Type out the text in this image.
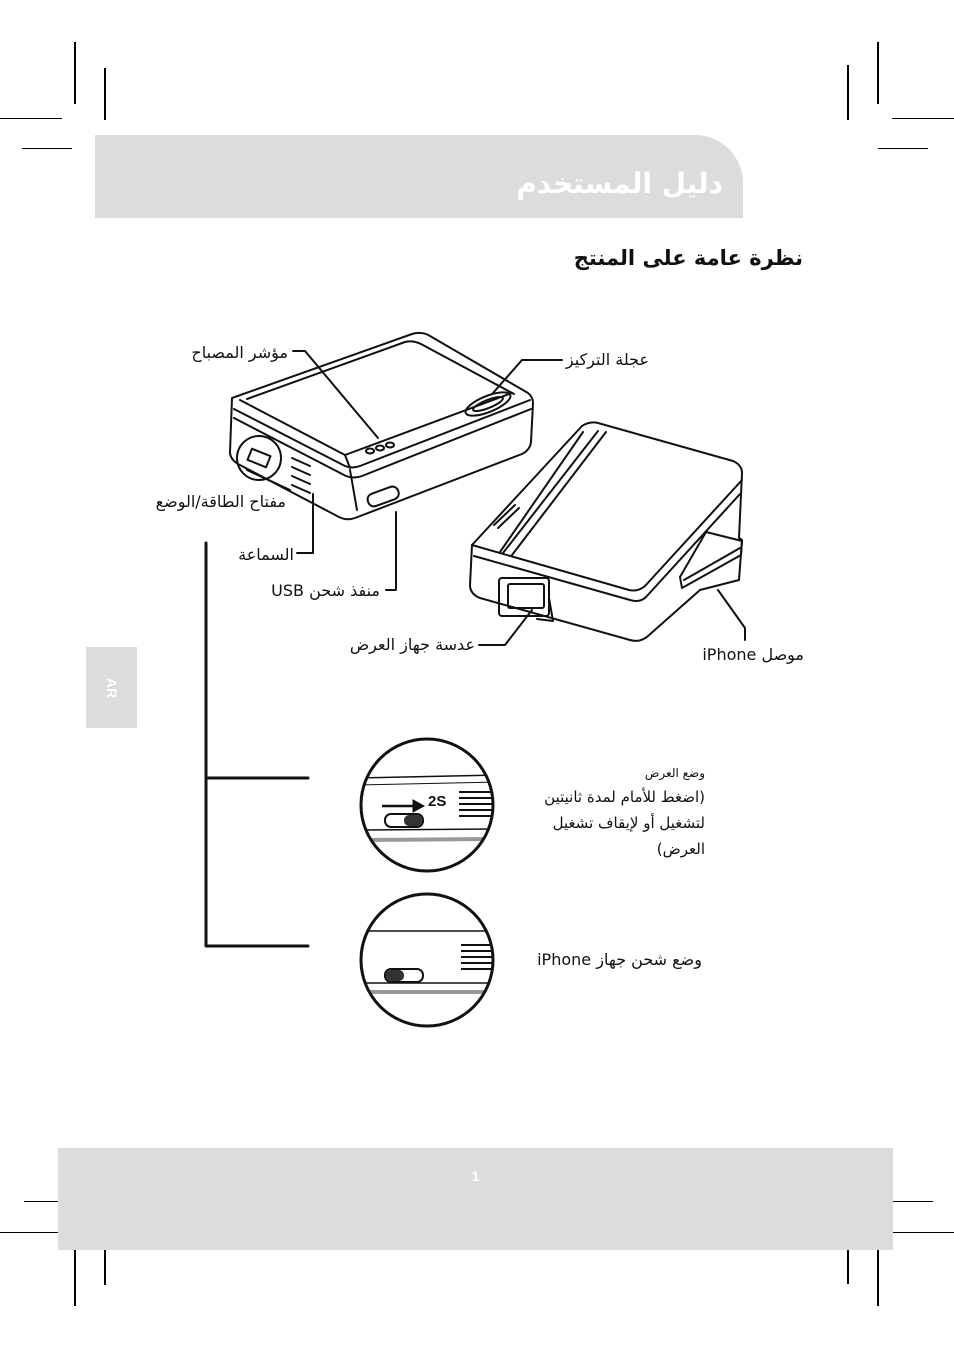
دليل المستخدم
نظرة عامة على المنتج
AR
2S
مؤشر المصباح	عجلة التركيز
مفتاح الطاقة/الوضع
السماعة
منفذ شحن USB
عدسة جهاز العرض
موصل iPhone
وضع العرض
(اضغط للأمام لمدة ثانيتين
لتشغيل أو لإيقاف تشغيل
العرض)
وضع شحن جهاز iPhone
1
